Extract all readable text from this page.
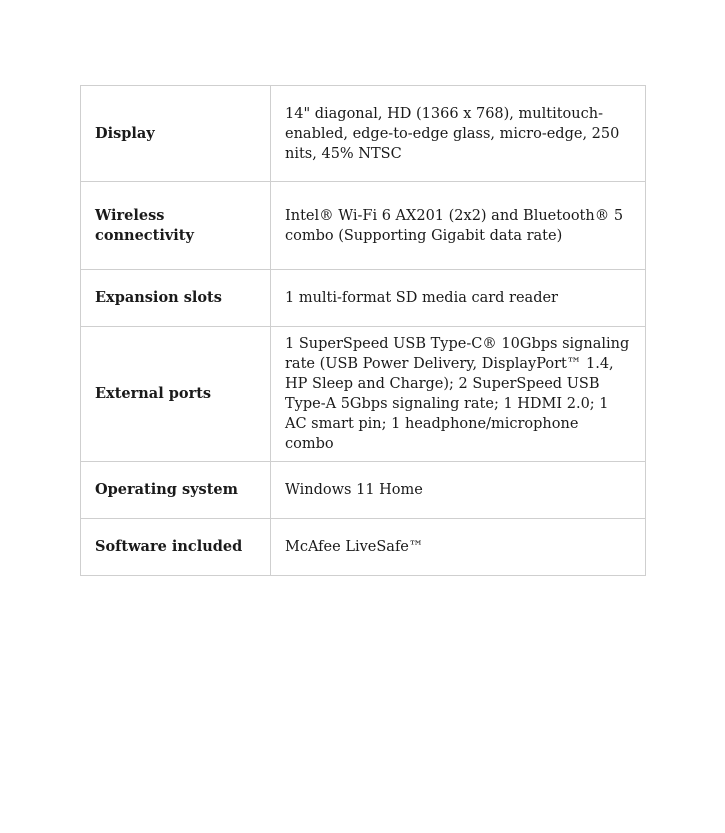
Display	14" diagonal, HD (1366 x 768), multitouch-enabled, edge-to-edge glass, micro-edge, 250 nits, 45% NTSC
Wireless connectivity	Intel® Wi-Fi 6 AX201 (2x2) and Bluetooth® 5 combo (Supporting Gigabit data rate)
Expansion slots	1 multi-format SD media card reader
External ports	1 SuperSpeed USB Type-C® 10Gbps signaling rate (USB Power Delivery, DisplayPort™ 1.4, HP Sleep and Charge); 2 SuperSpeed USB Type-A 5Gbps signaling rate; 1 HDMI 2.0; 1 AC smart pin; 1 headphone/microphone combo
Operating system	Windows 11 Home
Software included	McAfee LiveSafe™
